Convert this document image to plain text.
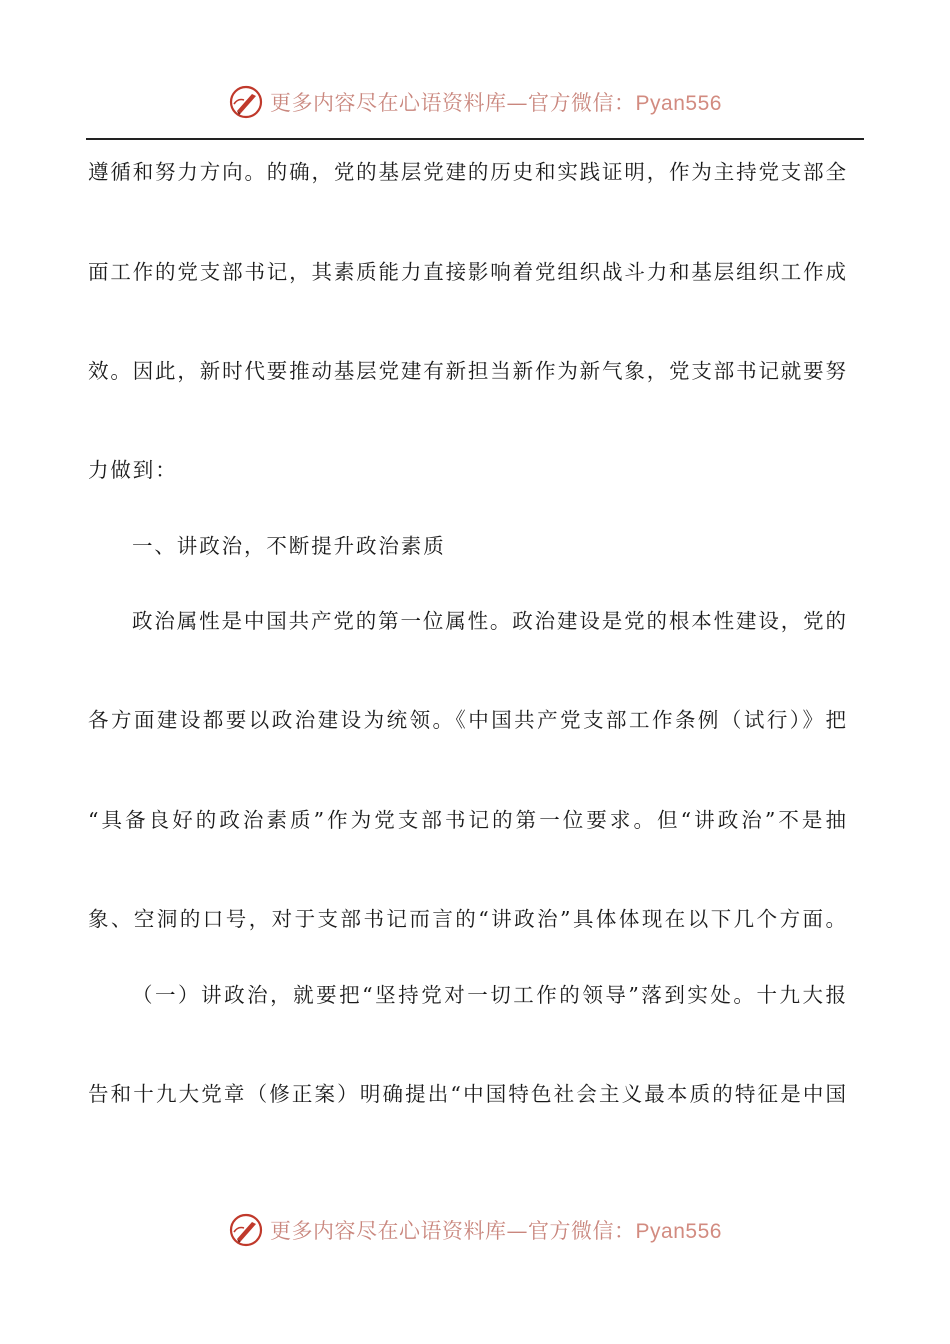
更多内容尽在心语资料库—官方微信：Pyan556
遵循和努力方向。的确，党的基层党建的历史和实践证明，作为主持党支部全
面工作的党支部书记，其素质能力直接影响着党组织战斗力和基层组织工作成
效。因此，新时代要推动基层党建有新担当新作为新气象，党支部书记就要努
力做到：
一、讲政治，不断提升政治素质
政治属性是中国共产党的第一位属性。政治建设是党的根本性建设，党的
各方面建设都要以政治建设为统领。《中国共产党支部工作条例（试行）》把
“具备良好的政治素质”作为党支部书记的第一位要求。但“讲政治”不是抽
象、空洞的口号，对于支部书记而言的“讲政治”具体体现在以下几个方面。
（一）讲政治，就要把“坚持党对一切工作的领导”落到实处。十九大报
告和十九大党章（修正案）明确提出“中国特色社会主义最本质的特征是中国
更多内容尽在心语资料库—官方微信：Pyan556
